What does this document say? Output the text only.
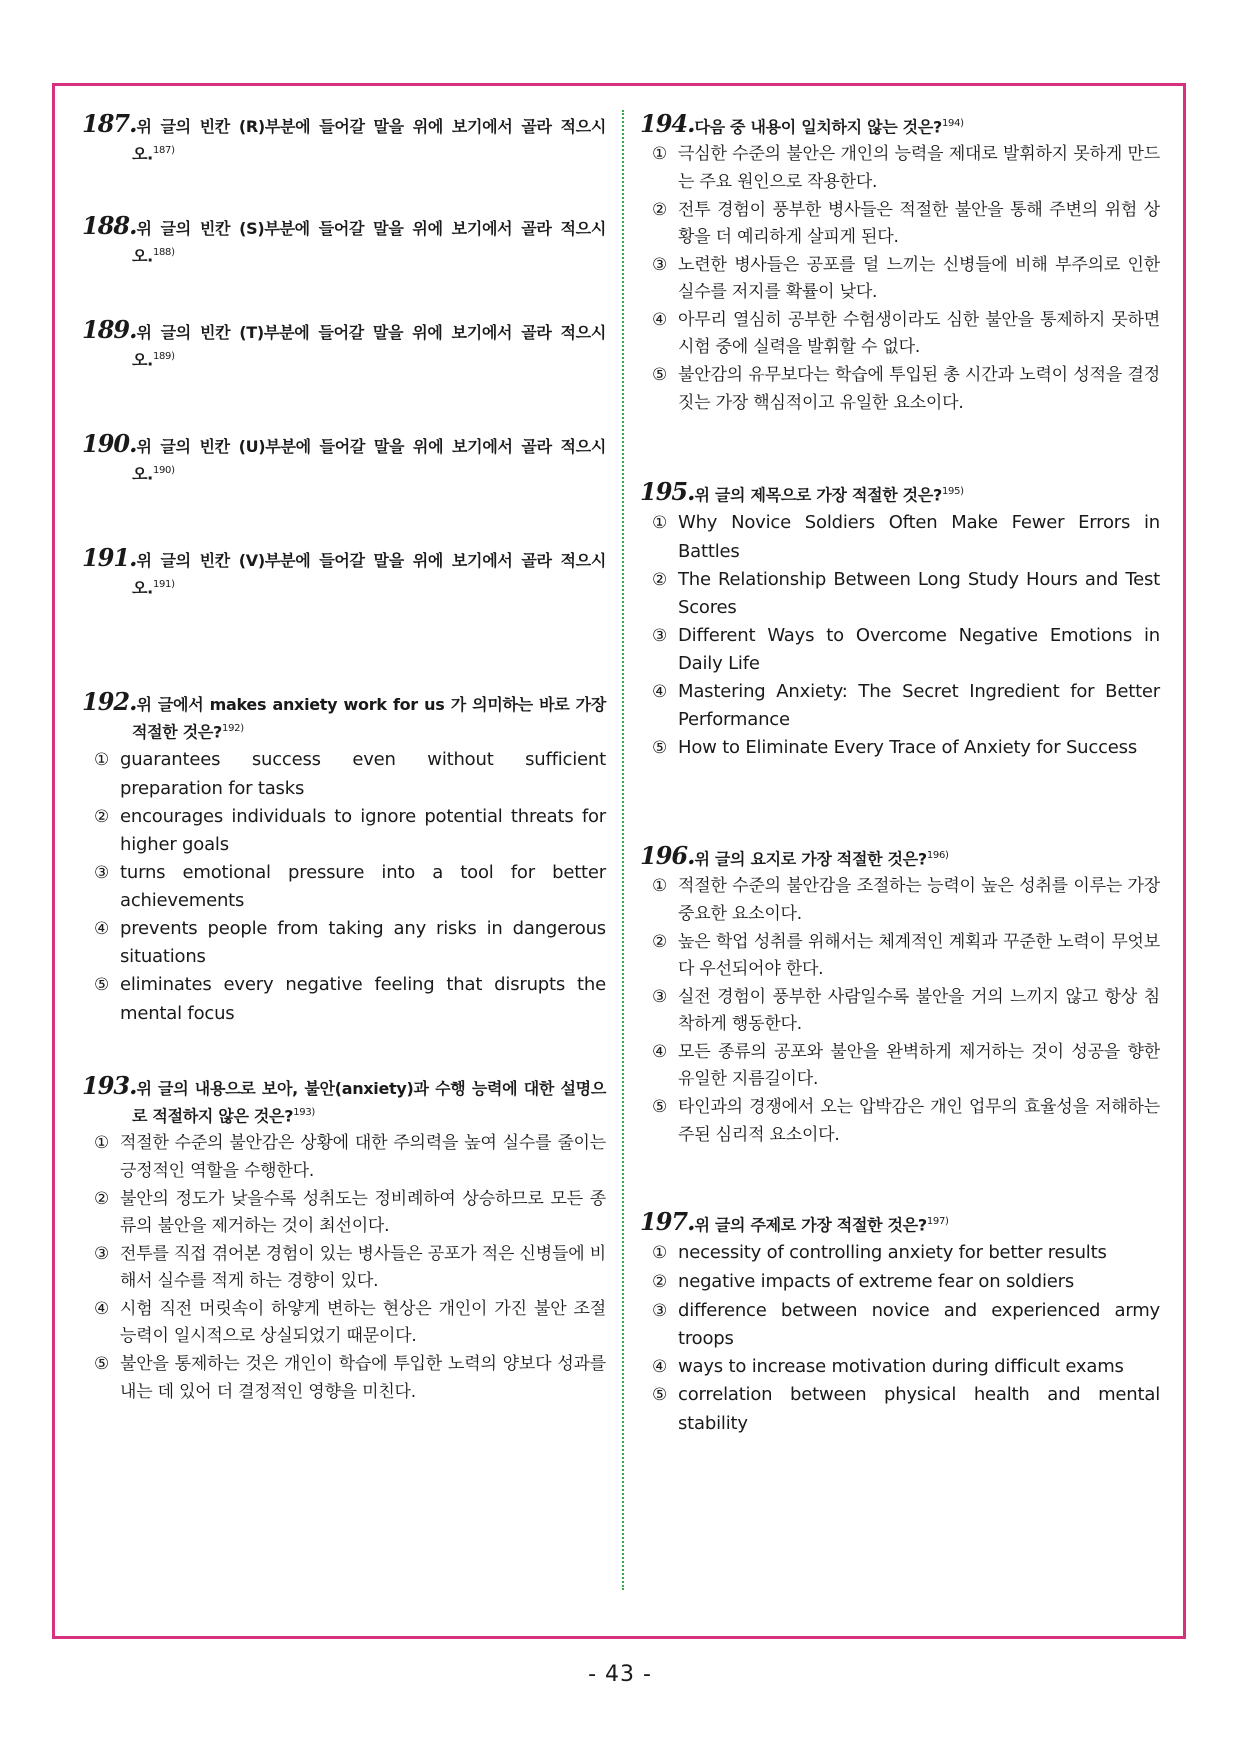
187.위 글의 빈칸 (R)부분에 들어갈 말을 위에 보기에서 골라 적으시오.$^{187)}$
188.위 글의 빈칸 (S)부분에 들어갈 말을 위에 보기에서 골라 적으시오.$^{188)}$
189.위 글의 빈칸 (T)부분에 들어갈 말을 위에 보기에서 골라 적으시오.$^{189)}$
190.위 글의 빈칸 (U)부분에 들어갈 말을 위에 보기에서 골라 적으시오.$^{190)}$
191.위 글의 빈칸 (V)부분에 들어갈 말을 위에 보기에서 골라 적으시오.$^{191)}$
192.위 글에서 makes anxiety work for us 가 의미하는 바로 가장 적절한 것은?$^{192)}$
① guarantees success even without sufficient preparation for tasks
② encourages individuals to ignore potential threats for higher goals
③ turns emotional pressure into a tool for better achievements
④ prevents people from taking any risks in dangerous situations
⑤ eliminates every negative feeling that disrupts the mental focus
193.위 글의 내용으로 보아, 불안(anxiety)과 수행 능력에 대한 설명으로 적절하지 않은 것은?$^{193)}$
① 적절한 수준의 불안감은 상황에 대한 주의력을 높여 실수를 줄이는 긍정적인 역할을 수행한다.
② 불안의 정도가 낮을수록 성취도는 정비례하여 상승하므로 모든 종류의 불안을 제거하는 것이 최선이다.
③ 전투를 직접 겪어본 경험이 있는 병사들은 공포가 적은 신병들에 비해서 실수를 적게 하는 경향이 있다.
④ 시험 직전 머릿속이 하얗게 변하는 현상은 개인이 가진 불안 조절 능력이 일시적으로 상실되었기 때문이다.
⑤ 불안을 통제하는 것은 개인이 학습에 투입한 노력의 양보다 성과를 내는 데 있어 더 결정적인 영향을 미친다.
194.다음 중 내용이 일치하지 않는 것은?$^{194)}$
① 극심한 수준의 불안은 개인의 능력을 제대로 발휘하지 못하게 만드는 주요 원인으로 작용한다.
② 전투 경험이 풍부한 병사들은 적절한 불안을 통해 주변의 위험 상황을 더 예리하게 살피게 된다.
③ 노련한 병사들은 공포를 덜 느끼는 신병들에 비해 부주의로 인한 실수를 저지를 확률이 낮다.
④ 아무리 열심히 공부한 수험생이라도 심한 불안을 통제하지 못하면 시험 중에 실력을 발휘할 수 없다.
⑤ 불안감의 유무보다는 학습에 투입된 총 시간과 노력이 성적을 결정짓는 가장 핵심적이고 유일한 요소이다.
195.위 글의 제목으로 가장 적절한 것은?$^{195)}$
① Why Novice Soldiers Often Make Fewer Errors in Battles
② The Relationship Between Long Study Hours and Test Scores
③ Different Ways to Overcome Negative Emotions in Daily Life
④ Mastering Anxiety: The Secret Ingredient for Better Performance
⑤ How to Eliminate Every Trace of Anxiety for Success
196.위 글의 요지로 가장 적절한 것은?$^{196)}$
① 적절한 수준의 불안감을 조절하는 능력이 높은 성취를 이루는 가장 중요한 요소이다.
② 높은 학업 성취를 위해서는 체계적인 계획과 꾸준한 노력이 무엇보다 우선되어야 한다.
③ 실전 경험이 풍부한 사람일수록 불안을 거의 느끼지 않고 항상 침착하게 행동한다.
④ 모든 종류의 공포와 불안을 완벽하게 제거하는 것이 성공을 향한 유일한 지름길이다.
⑤ 타인과의 경쟁에서 오는 압박감은 개인 업무의 효율성을 저해하는 주된 심리적 요소이다.
197.위 글의 주제로 가장 적절한 것은?$^{197)}$
① necessity of controlling anxiety for better results
② negative impacts of extreme fear on soldiers
③ difference between novice and experienced army troops
④ ways to increase motivation during difficult exams
⑤ correlation between physical health and mental stability
- 43 -
